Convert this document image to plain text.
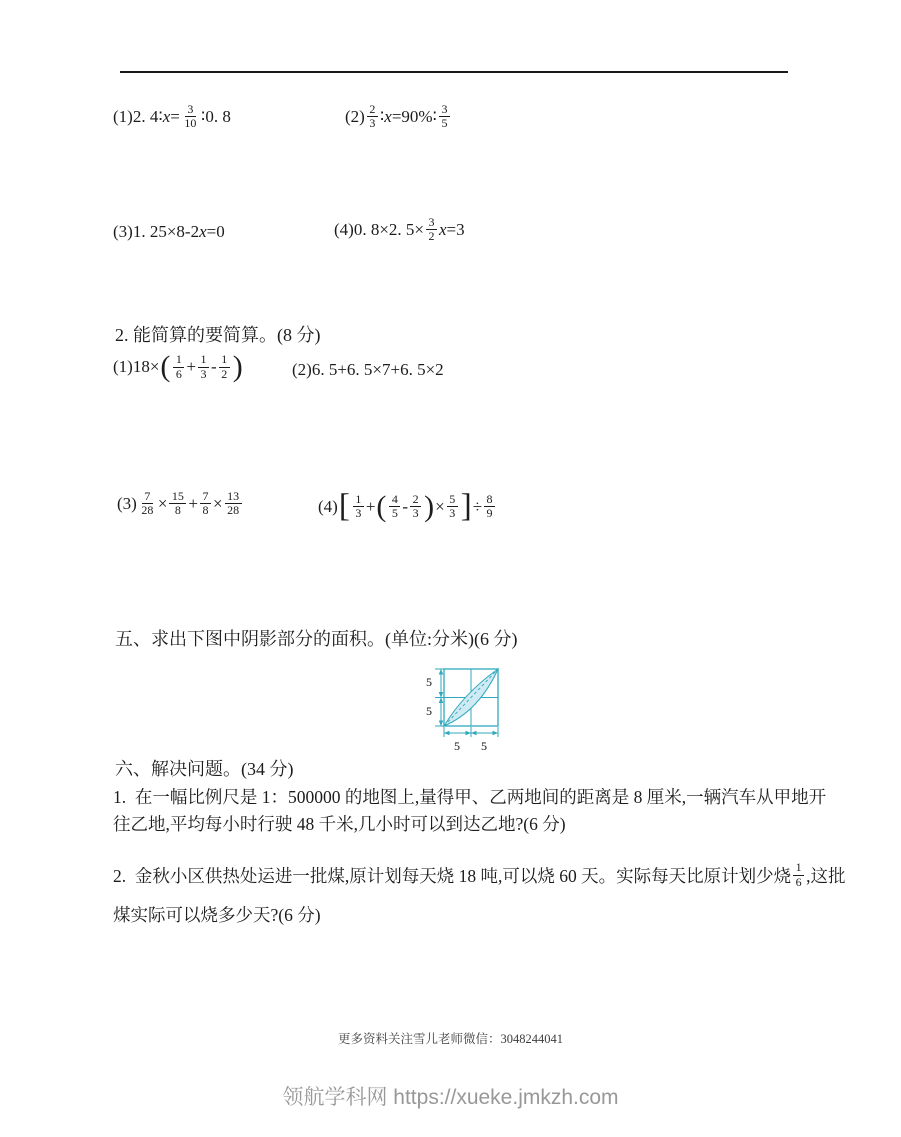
(1)2. 4∶ $x = \frac{3}{10}$ ∶0. 8	$(2) \frac{2}{3}$ ∶ x =90%∶ $\frac{3}{5}$
(3)1. 25×8-2 x =0	(4)0. 8×2. $5\times \frac{3}{2}$ x =3
2. 能简算的要简算。(8 分)
(1)18× ( $\frac{1}{6} + \frac{1}{3} - \frac{1}{2}$ )	(2)6. 5+6. 5×7+6. 5×2
$(3) \frac{7}{28} \times \frac{15}{8} + \frac{7}{8} \times \frac{13}{28}$	(4) [ $\frac{1}{3}$ + ( $\frac{4}{5} - \frac{2}{3}$ ) × $\frac{5}{3}$ ] ÷ $\frac{8}{9}$
五、求出下图中阴影部分的面积。(单位:分米)(6 分)
5
5
5 5
六、解决问题。(34 分)
1.  在一幅比例尺是 1：500000 的地图上,量得甲、乙两地间的距离是 8 厘米,一辆汽车从甲地开
往乙地,平均每小时行驶 48 千米,几小时可以到达乙地?(6 分)
2.  金秋小区供热处运进一批煤,原计划每天烧 18 吨,可以烧 60 天。实际每天比原计划少烧 $\frac{1}{6}$ ,这批
煤实际可以烧多少天?(6 分)
更多资料关注雪儿老师微信：3048244041
领航学科网 https://xueke.jmkzh.com
